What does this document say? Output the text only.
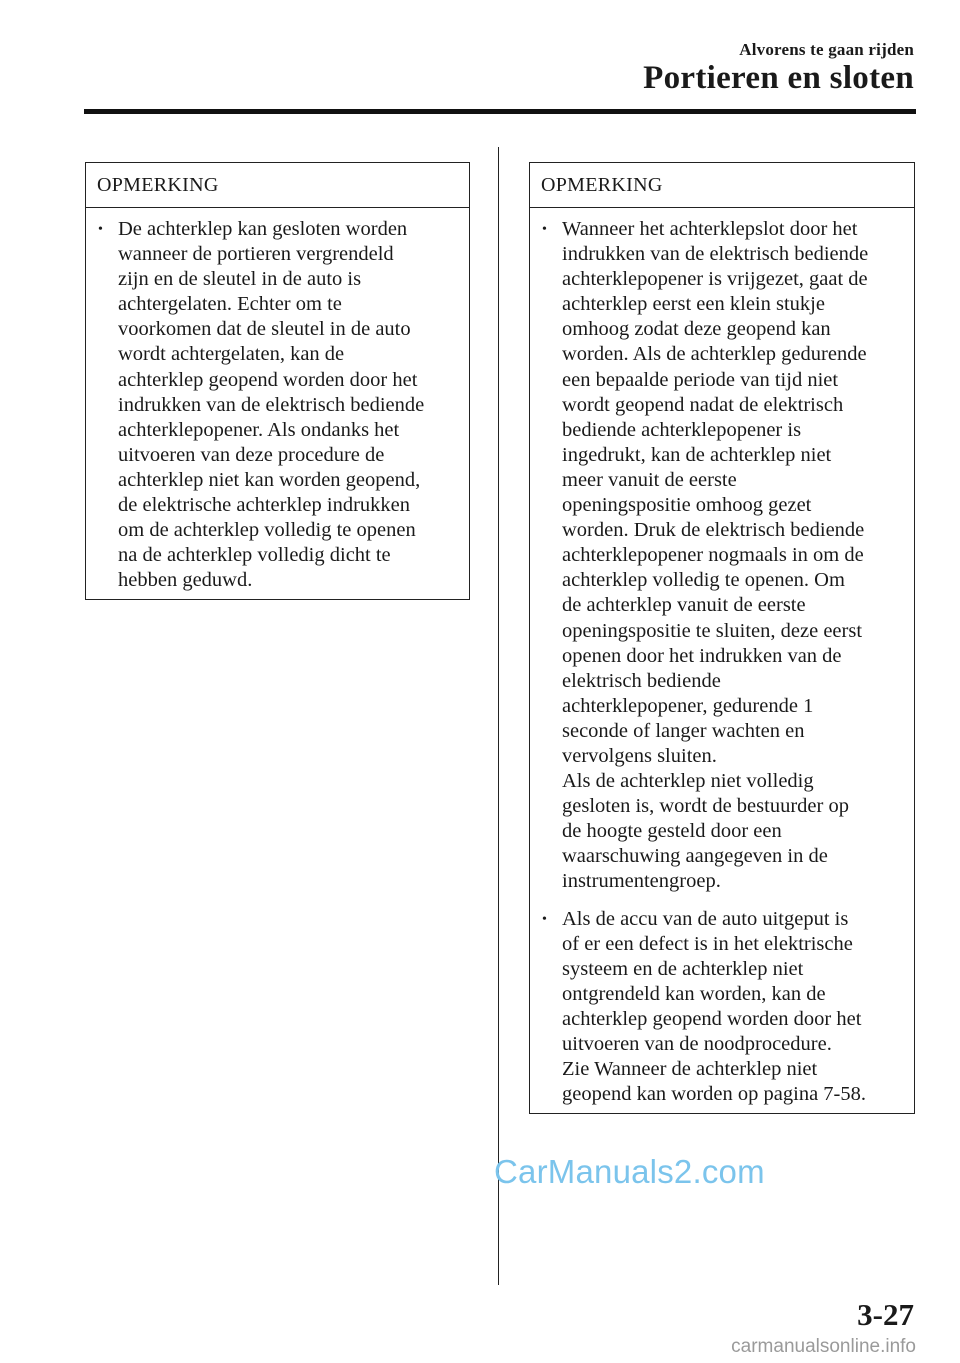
Alvorens te gaan rijden
Portieren en sloten
OPMERKING
• De achterklep kan gesloten worden
wanneer de portieren vergrendeld
zijn en de sleutel in de auto is
achtergelaten. Echter om te
voorkomen dat de sleutel in de auto
wordt achtergelaten, kan de
achterklep geopend worden door het
indrukken van de elektrisch bediende
achterklepopener. Als ondanks het
uitvoeren van deze procedure de
achterklep niet kan worden geopend,
de elektrische achterklep indrukken
om de achterklep volledig te openen
na de achterklep volledig dicht te
hebben geduwd.
OPMERKING
• Wanneer het achterklepslot door het
indrukken van de elektrisch bediende
achterklepopener is vrijgezet, gaat de
achterklep eerst een klein stukje
omhoog zodat deze geopend kan
worden. Als de achterklep gedurende
een bepaalde periode van tijd niet
wordt geopend nadat de elektrisch
bediende achterklepopener is
ingedrukt, kan de achterklep niet
meer vanuit de eerste
openingspositie omhoog gezet
worden. Druk de elektrisch bediende
achterklepopener nogmaals in om de
achterklep volledig te openen. Om
de achterklep vanuit de eerste
openingspositie te sluiten, deze eerst
openen door het indrukken van de
elektrisch bediende
achterklepopener, gedurende 1
seconde of langer wachten en
vervolgens sluiten.
Als de achterklep niet volledig
gesloten is, wordt de bestuurder op
de hoogte gesteld door een
waarschuwing aangegeven in de
instrumentengroep.
• Als de accu van de auto uitgeput is
of er een defect is in het elektrische
systeem en de achterklep niet
ontgrendeld kan worden, kan de
achterklep geopend worden door het
uitvoeren van de noodprocedure.
Zie Wanneer de achterklep niet
geopend kan worden op pagina 7-58.
CarManuals2.com
3-27
carmanualsonline.info
